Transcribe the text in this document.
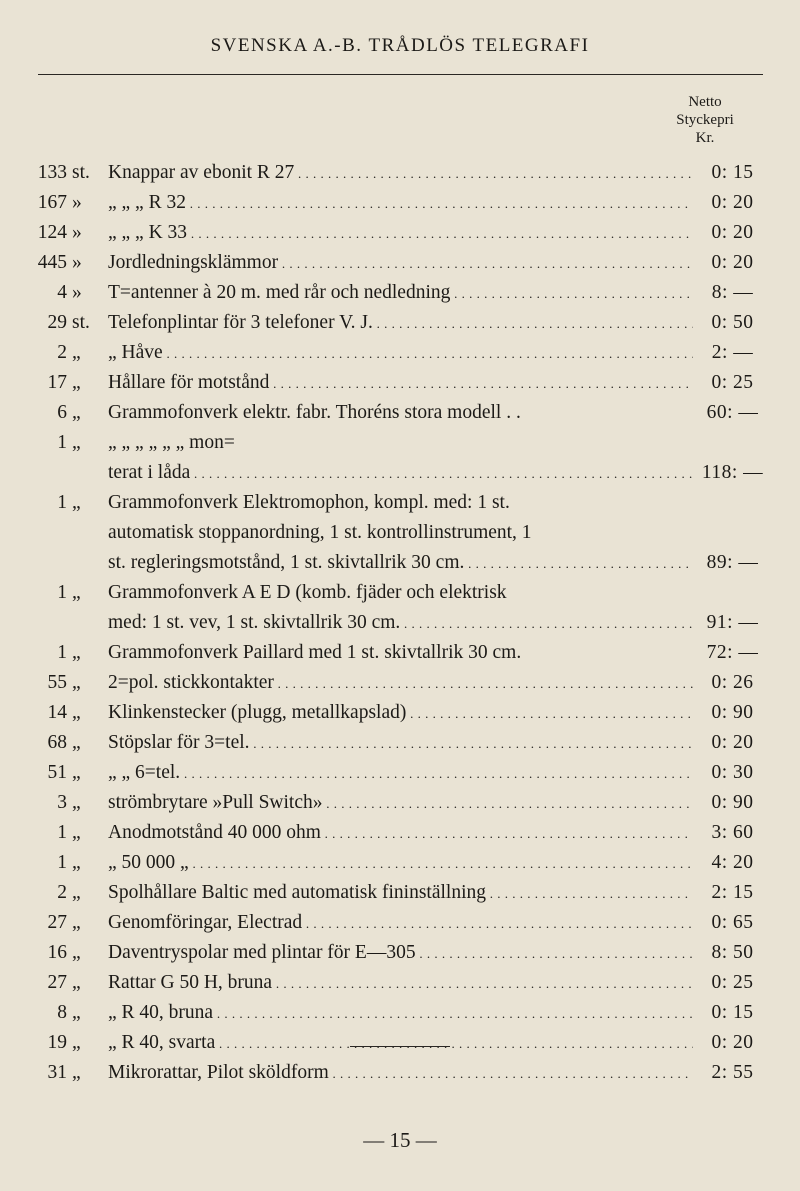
SVENSKA A.-B. TRÅDLÖS TELEGRAFI
Netto
Styckepri
Kr.
133 st. Knappar av ebonit R 27 . . .	0: 15
167 »	„ „ „ R 32 . . .	0: 20
124 »	„ „ „ K 33 . . .	0: 20
445 »	Jordledningsklämmor . . .	0: 20
4 »	T=antenner à 20 m. med rår och nedledning . . .	8: —
29 st. Telefonplintar för 3 telefoner V. J. . . .	0: 50
2 „	„ Håve . . .	2: —
17 „	Hållare för motstånd . . .	0: 25
6 „	Grammofonverk elektr. fabr. Thoréns stora modell . .	60: —
1 „	„ „ „ „ „ „ mon=
terat i låda . . .	118: —
1 „	Grammofonverk Elektromophon, kompl. med: 1 st.
automatisk stoppanordning, 1 st. kontrollinstrument, 1
st. regleringsmotstånd, 1 st. skivtallrik 30 cm. . . .	89: —
1 „	Grammofonverk A E D (komb. fjäder och elektrisk
med: 1 st. vev, 1 st. skivtallrik 30 cm. . . .	91: —
1 „	Grammofonverk Paillard med 1 st. skivtallrik 30 cm.	72: —
55 „	2=pol. stickkontakter . . .	0: 26
14 „	Klinkenstecker (plugg, metallkapslad) . . .	0: 90
68 „	Stöpslar för 3=tel. . . .	0: 20
51 „	„ „ 6=tel. . . .	0: 30
3 „	strömbrytare »Pull Switch» . . .	0: 90
1 „	Anodmotstånd 40 000 ohm . . .	3: 60
1 „	„ 50 000 „ . . .	4: 20
2 „	Spolhållare Baltic med automatisk fininställning . . .	2: 15
27 „	Genomföringar, Electrad . . .	0: 65
16 „	Daventryspolar med plintar för E—305 . . .	8: 50
27 „	Rattar G 50 H, bruna . . .	0: 25
8 „	„ R 40, bruna . . .	0: 15
19 „	„ R 40, svarta . . .	0: 20
31 „	Mikrorattar, Pilot sköldform . . .	2: 55
— 15 —
